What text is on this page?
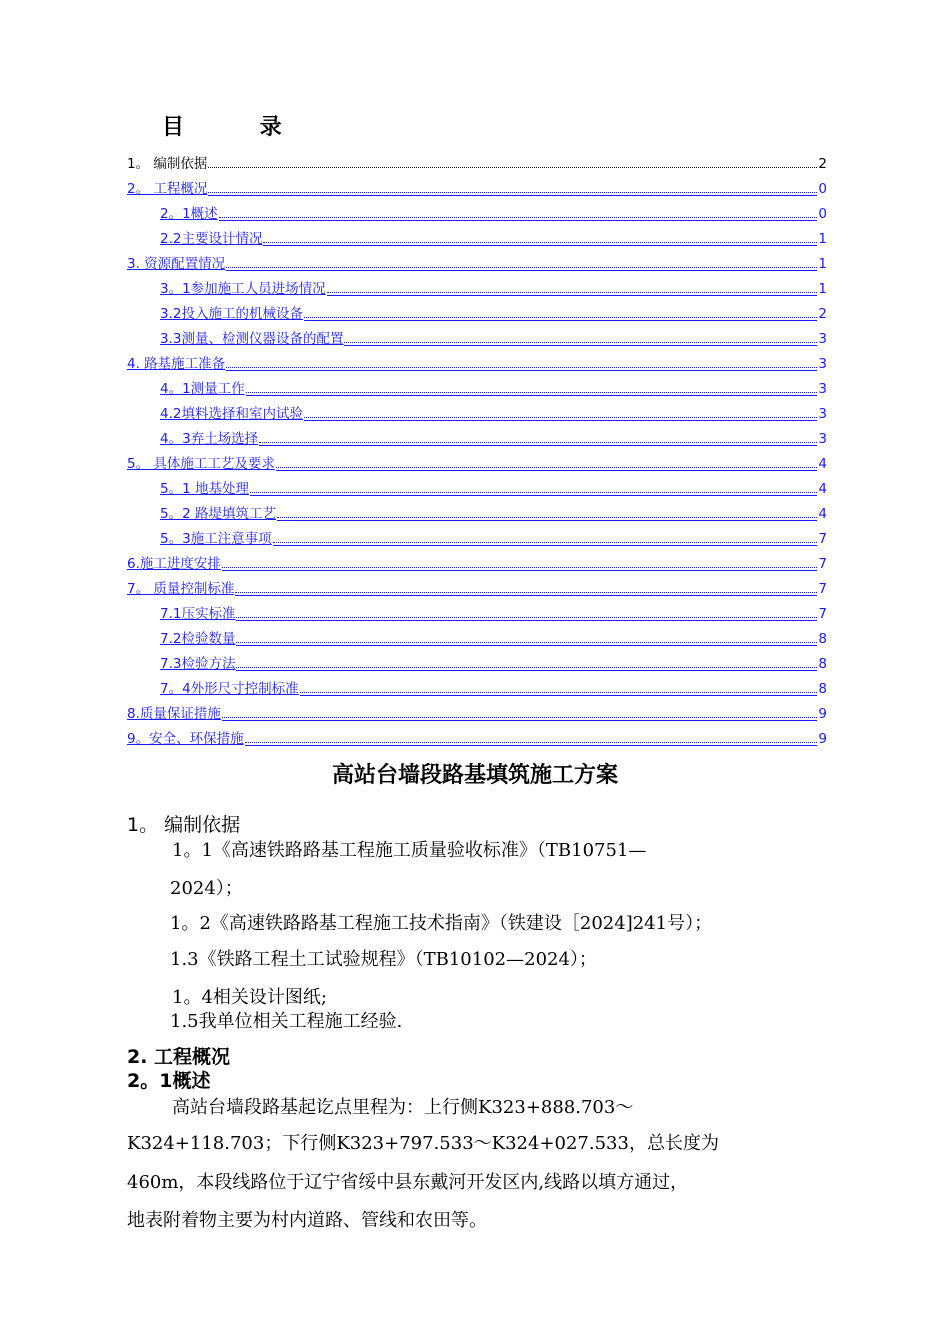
目 录
1。 编制依据	2
2。 工程概况	0
2。1概述	0
2.2主要设计情况	1
3. 资源配置情况	1
3。1参加施工人员进场情况	1
3.2投入施工的机械设备	2
3.3测量、检测仪器设备的配置	3
4. 路基施工准备	3
4。1测量工作	3
4.2填料选择和室内试验	3
4。3弃土场选择	3
5。 具体施工工艺及要求	4
5。1 地基处理	4
5。2 路堤填筑工艺	4
5。3施工注意事项	7
6.施工进度安排	7
7。 质量控制标准	7
7.1压实标准	7
7.2检验数量	8
7.3检验方法	8
7。4外形尺寸控制标准	8
8.质量保证措施	9
9。安全、环保措施	9
高站台墙段路基填筑施工方案
1。 编制依据
1。1《高速铁路路基工程施工质量验收标准》（TB10751—
2024）；
1。2《高速铁路路基工程施工技术指南》（铁建设［2024]241号）；
1.3《铁路工程土工试验规程》（TB10102—2024）；
1。4相关设计图纸;
1.5我单位相关工程施工经验.
2. 工程概况
2。1概述
高站台墙段路基起讫点里程为：上行侧K323+888.703～
K324+118.703；下行侧K323+797.533～K324+027.533，总长度为
460m，本段线路位于辽宁省绥中县东戴河开发区内,线路以填方通过，
地表附着物主要为村内道路、管线和农田等。
